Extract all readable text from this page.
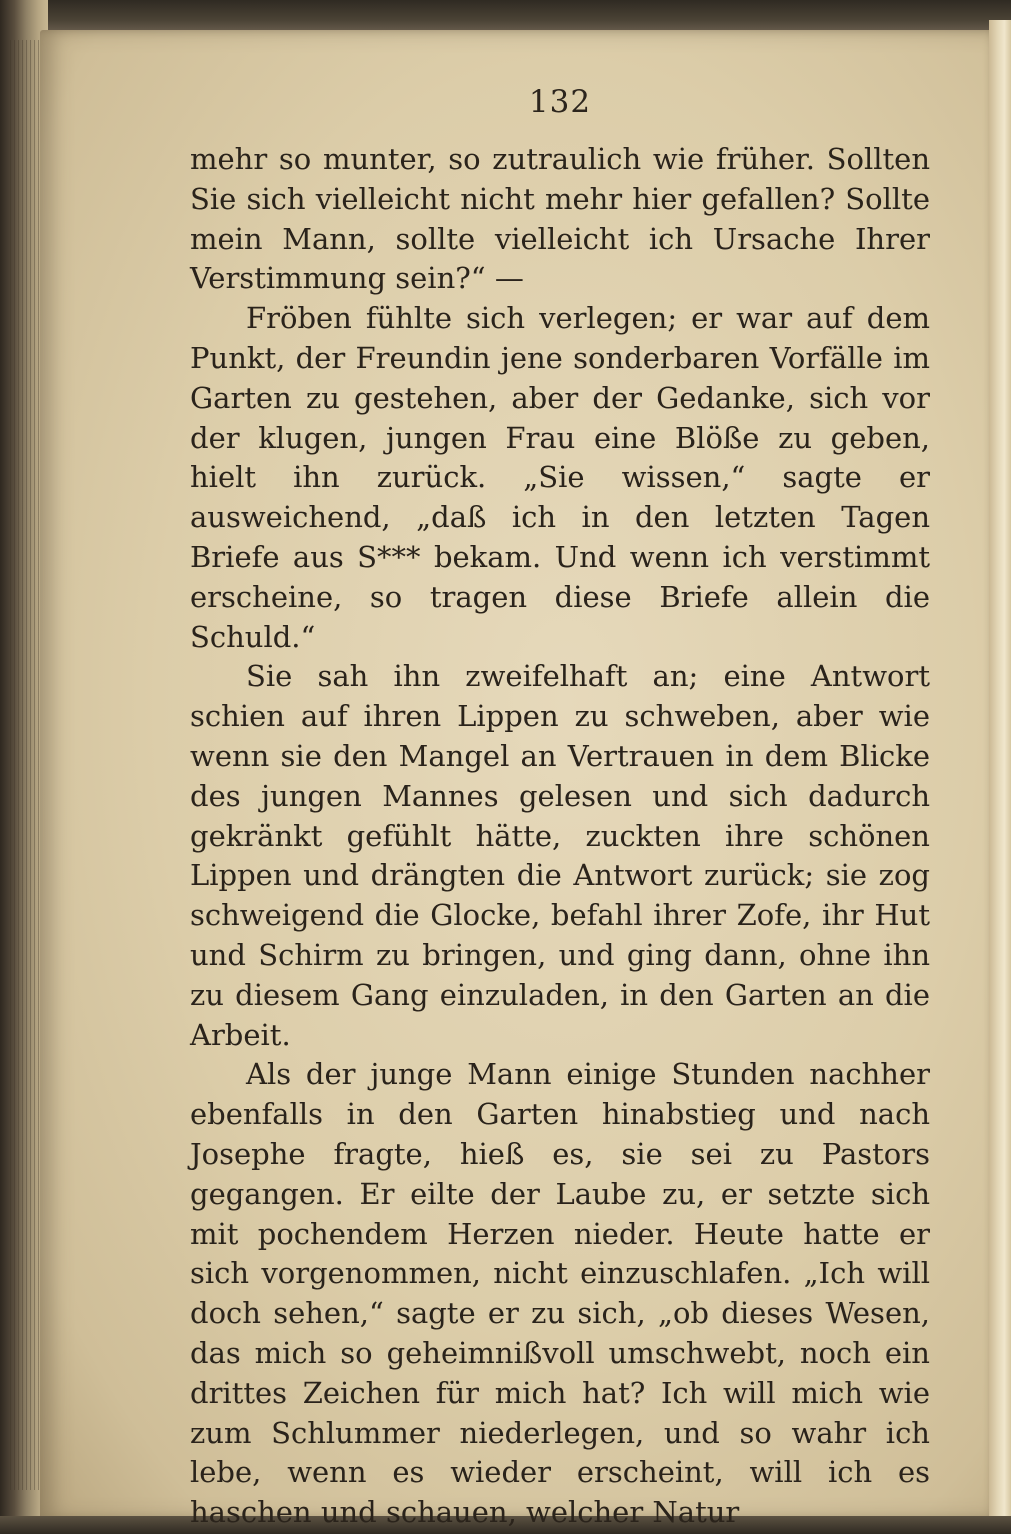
132

mehr so munter, so zutraulich wie früher. Sollten Sie sich vielleicht nicht mehr hier gefallen? Sollte mein Mann, sollte vielleicht ich Ursache Ihrer Verstimmung sein?“ —

Fröben fühlte sich verlegen; er war auf dem Punkt, der Freundin jene sonderbaren Vorfälle im Garten zu gestehen, aber der Gedanke, sich vor der klugen, jungen Frau eine Blöße zu geben, hielt ihn zurück. „Sie wissen,“ sagte er ausweichend, „daß ich in den letzten Tagen Briefe aus S*** bekam. Und wenn ich verstimmt erscheine, so tragen diese Briefe allein die Schuld.“

Sie sah ihn zweifelhaft an; eine Antwort schien auf ihren Lippen zu schweben, aber wie wenn sie den Mangel an Vertrauen in dem Blicke des jungen Mannes gelesen und sich dadurch gekränkt gefühlt hätte, zuckten ihre schönen Lippen und drängten die Antwort zurück; sie zog schweigend die Glocke, befahl ihrer Zofe, ihr Hut und Schirm zu bringen, und ging dann, ohne ihn zu diesem Gang einzuladen, in den Garten an die Arbeit.

Als der junge Mann einige Stunden nachher ebenfalls in den Garten hinabstieg und nach Josephe fragte, hieß es, sie sei zu Pastors gegangen. Er eilte der Laube zu, er setzte sich mit pochendem Herzen nieder. Heute hatte er sich vorgenommen, nicht einzuschlafen. „Ich will doch sehen,“ sagte er zu sich, „ob dieses Wesen, das mich so geheimnißvoll umschwebt, noch ein drittes Zeichen für mich hat? Ich will mich wie zum Schlummer niederlegen, und so wahr ich lebe, wenn es wieder erscheint, will ich es haschen und schauen, welcher Natur
